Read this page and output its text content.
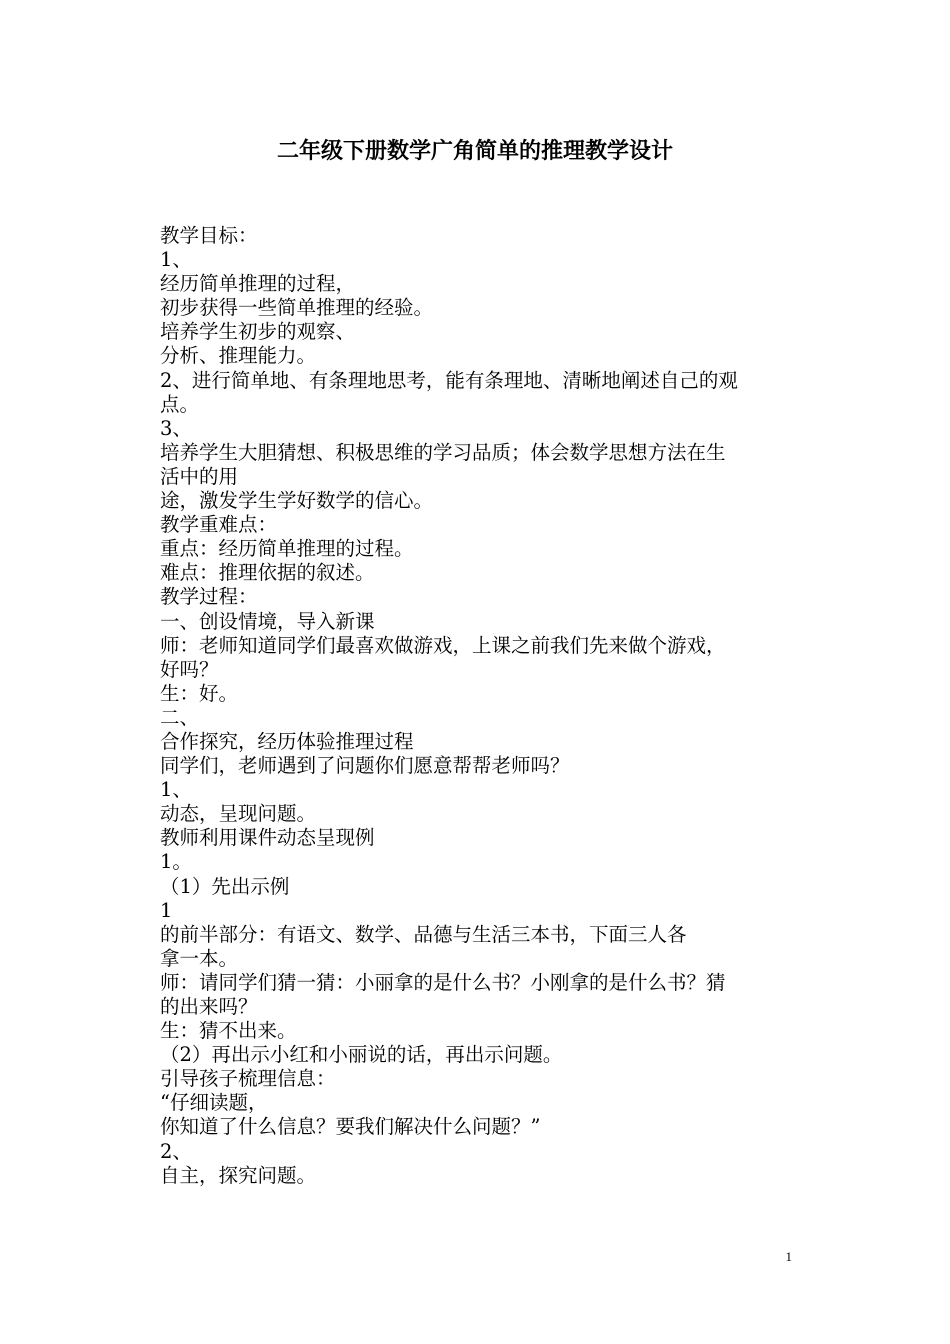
二年级下册数学广角简单的推理教学设计
教学目标：
1、
经历简单推理的过程，
初步获得一些简单推理的经验。
培养学生初步的观察、
分析、推理能力。
2、进行简单地、有条理地思考，能有条理地、清晰地阐述自己的观
点。
3、
培养学生大胆猜想、积极思维的学习品质；体会数学思想方法在生
活中的用
途，激发学生学好数学的信心。
教学重难点：
重点：经历简单推理的过程。
难点：推理依据的叙述。
教学过程：
一、创设情境，导入新课
师：老师知道同学们最喜欢做游戏，上课之前我们先来做个游戏，
好吗？
生：好。
二、
合作探究，经历体验推理过程
同学们，老师遇到了问题你们愿意帮帮老师吗？
1、
动态，呈现问题。
教师利用课件动态呈现例
1。
（1）先出示例
1
的前半部分：有语文、数学、品德与生活三本书，下面三人各
拿一本。
师：请同学们猜一猜：小丽拿的是什么书？小刚拿的是什么书？猜
的出来吗？
生：猜不出来。
（2）再出示小红和小丽说的话，再出示问题。
引导孩子梳理信息：
“仔细读题，
你知道了什么信息？要我们解决什么问题？”
2、
自主，探究问题。
1
